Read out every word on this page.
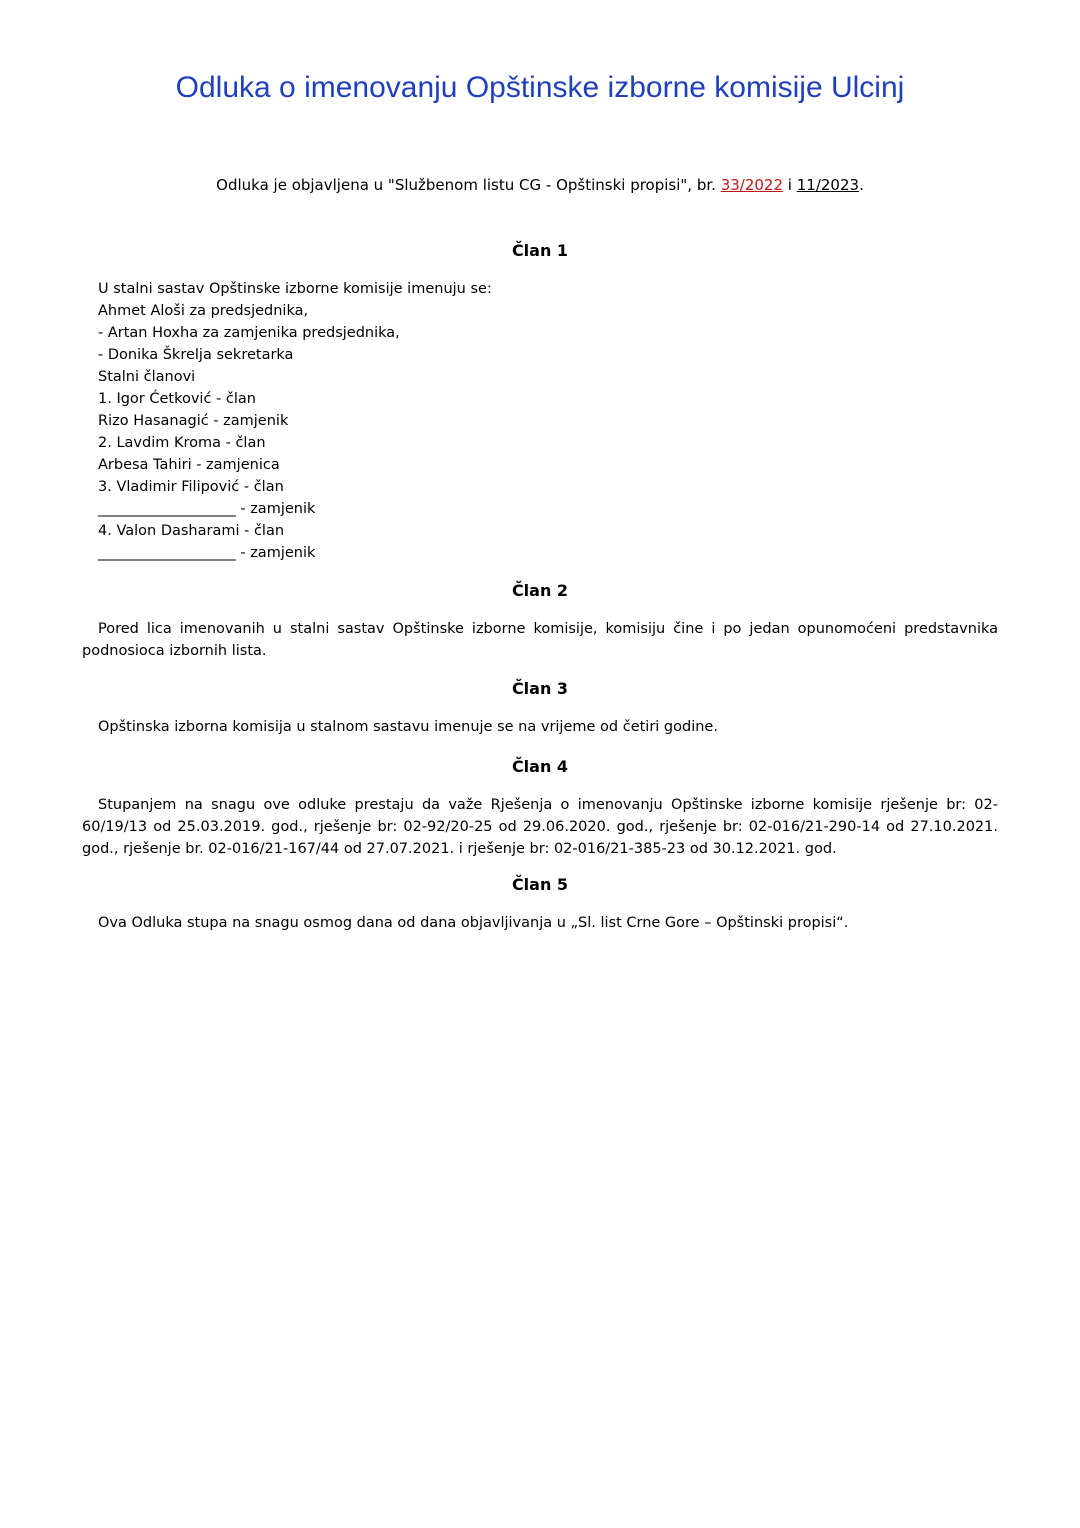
Odluka o imenovanju Opštinske izborne komisije Ulcinj
Odluka je objavljena u "Službenom listu CG - Opštinski propisi", br. 33/2022 i 11/2023.
Član 1
U stalni sastav Opštinske izborne komisije imenuju se:
Ahmet Aloši za predsjednika,
- Artan Hoxha za zamjenika predsjednika,
- Donika Škrelja sekretarka
Stalni članovi
1. Igor Ćetković - član
Rizo Hasanagić - zamjenik
2. Lavdim Kroma - član
Arbesa Tahiri - zamjenica
3. Vladimir Filipović - član
___________________ - zamjenik
4. Valon Dasharami - član
___________________ - zamjenik
Član 2
Pored lica imenovanih u stalni sastav Opštinske izborne komisije, komisiju čine i po jedan opunomoćeni predstavnika podnosioca izbornih lista.
Član 3
Opštinska izborna komisija u stalnom sastavu imenuje se na vrijeme od četiri godine.
Član 4
Stupanjem na snagu ove odluke prestaju da važe Rješenja o imenovanju Opštinske izborne komisije rješenje br: 02-60/19/13 od 25.03.2019. god., rješenje br: 02-92/20-25 od 29.06.2020. god., rješenje br: 02-016/21-290-14 od 27.10.2021. god., rješenje br. 02-016/21-167/44 od 27.07.2021. i rješenje br: 02-016/21-385-23 od 30.12.2021. god.
Član 5
Ova Odluka stupa na snagu osmog dana od dana objavljivanja u „Sl. list Crne Gore – Opštinski propisi“.
